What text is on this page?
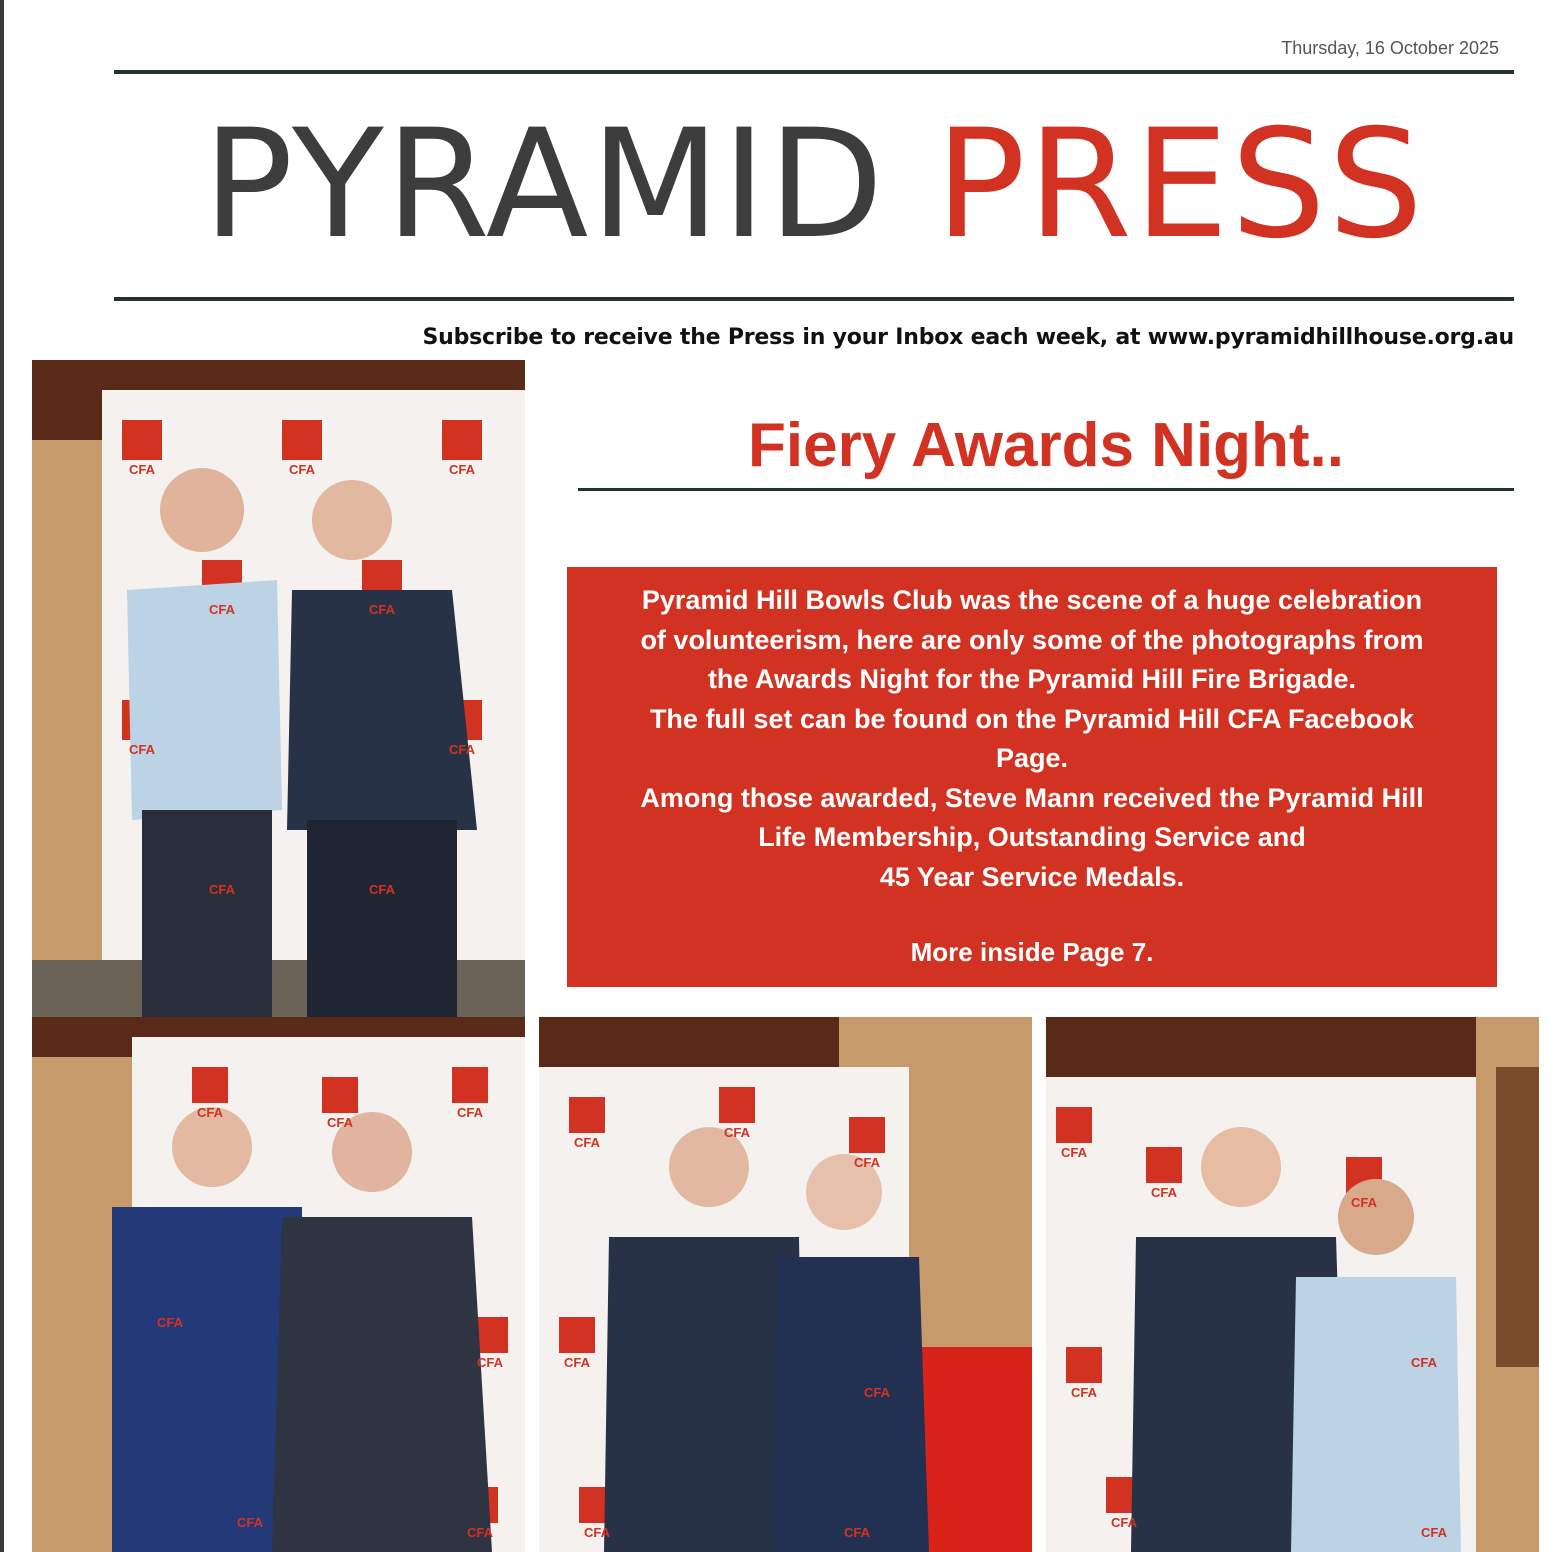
Thursday, 16 October 2025
PYRAMID PRESS
Subscribe to receive the Press in your Inbox each week, at www.pyramidhillhouse.org.au
CFA	CFA	CFA
CFA	CFA
CFA	CFA
CFA	CFA
CFA
CFA
CFA
CFA
CFA
CFA
CFA
CFA
CFA
CFA
CFA
CFA
CFA	CFA
CFA
CFA
CFA
CFA
CFA
CFA
CFA
Fiery Awards Night..

Pyramid Hill Bowls Club was the scene of a huge celebration

of volunteerism, here are only some of the photographs from

the Awards Night for the Pyramid Hill Fire Brigade.

The full set can be found on the Pyramid Hill CFA Facebook

Page.

Among those awarded, Steve Mann received the Pyramid Hill

Life Membership, Outstanding Service and

45 Year Service Medals.

More inside Page 7.
